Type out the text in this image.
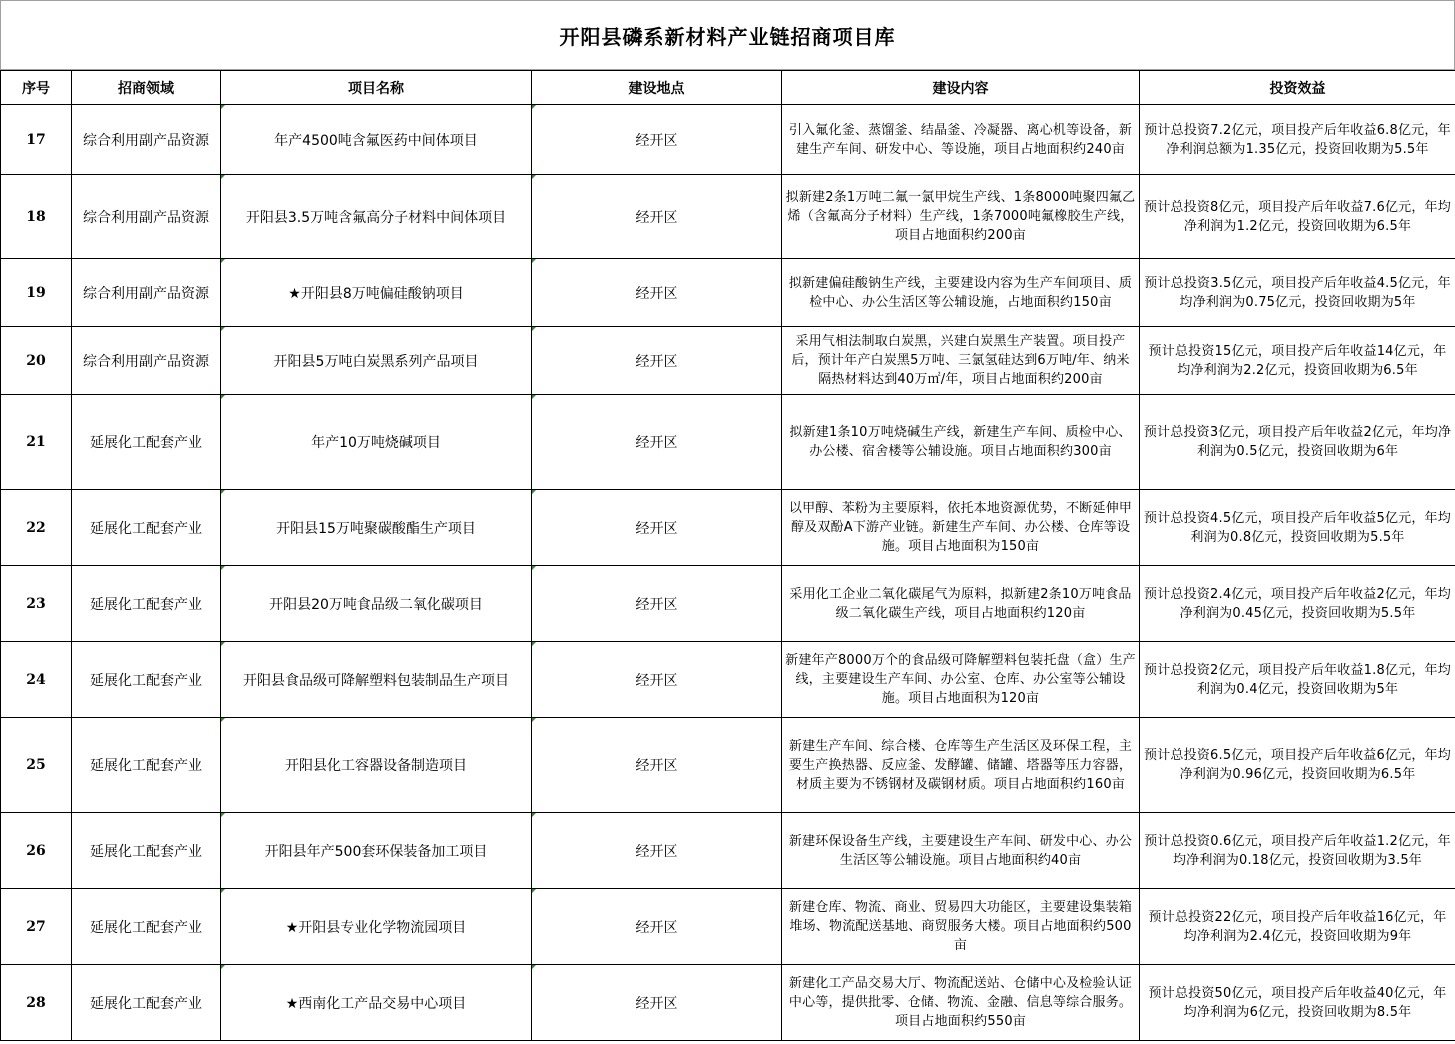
开阳县磷系新材料产业链招商项目库
序号	招商领域	项目名称	建设地点	建设内容	投资效益
17	综合利用副产品资源	年产4500吨含氟医药中间体项目	经开区	引入氟化釜、蒸馏釜、结晶釜、冷凝器、离心机等设备，新建生产车间、研发中心、等设施，项目占地面积约240亩	预计总投资7.2亿元，项目投产后年收益6.8亿元，年净利润总额为1.35亿元，投资回收期为5.5年
18	综合利用副产品资源	开阳县3.5万吨含氟高分子材料中间体项目	经开区	拟新建2条1万吨二氟一氯甲烷生产线、1条8000吨聚四氟乙烯（含氟高分子材料）生产线，1条7000吨氟橡胶生产线，项目占地面积约200亩	预计总投资8亿元，项目投产后年收益7.6亿元，年均净利润为1.2亿元，投资回收期为6.5年
19	综合利用副产品资源	★开阳县8万吨偏硅酸钠项目	经开区	拟新建偏硅酸钠生产线，主要建设内容为生产车间项目、质检中心、办公生活区等公辅设施，占地面积约150亩	预计总投资3.5亿元，项目投产后年收益4.5亿元，年均净利润为0.75亿元，投资回收期为5年
20	综合利用副产品资源	开阳县5万吨白炭黑系列产品项目	经开区	采用气相法制取白炭黑，兴建白炭黑生产装置。项目投产后，预计年产白炭黑5万吨、三氯氢硅达到6万吨/年、纳米隔热材料达到40万㎡/年，项目占地面积约200亩	预计总投资15亿元，项目投产后年收益14亿元，年均净利润为2.2亿元，投资回收期为6.5年
21	延展化工配套产业	年产10万吨烧碱项目	经开区	拟新建1条10万吨烧碱生产线，新建生产车间、质检中心、办公楼、宿舍楼等公辅设施。项目占地面积约300亩	预计总投资3亿元，项目投产后年收益2亿元，年均净利润为0.5亿元，投资回收期为6年
22	延展化工配套产业	开阳县15万吨聚碳酸酯生产项目	经开区	以甲醇、苯粉为主要原料，依托本地资源优势，不断延伸甲醇及双酚A下游产业链。新建生产车间、办公楼、仓库等设施。项目占地面积为150亩	预计总投资4.5亿元，项目投产后年收益5亿元，年均利润为0.8亿元，投资回收期为5.5年
23	延展化工配套产业	开阳县20万吨食品级二氧化碳项目	经开区	采用化工企业二氧化碳尾气为原料，拟新建2条10万吨食品级二氧化碳生产线，项目占地面积约120亩	预计总投资2.4亿元，项目投产后年收益2亿元，年均净利润为0.45亿元，投资回收期为5.5年
24	延展化工配套产业	开阳县食品级可降解塑料包装制品生产项目	经开区	新建年产8000万个的食品级可降解塑料包装托盘（盒）生产线，主要建设生产车间、办公室、仓库、办公室等公辅设施。项目占地面积为120亩	预计总投资2亿元，项目投产后年收益1.8亿元，年均利润为0.4亿元，投资回收期为5年
25	延展化工配套产业	开阳县化工容器设备制造项目	经开区	新建生产车间、综合楼、仓库等生产生活区及环保工程，主要生产换热器、反应釜、发酵罐、储罐、塔器等压力容器，材质主要为不锈钢材及碳钢材质。项目占地面积约160亩	预计总投资6.5亿元，项目投产后年收益6亿元，年均净利润为0.96亿元，投资回收期为6.5年
26	延展化工配套产业	开阳县年产500套环保装备加工项目	经开区	新建环保设备生产线，主要建设生产车间、研发中心、办公生活区等公辅设施。项目占地面积约40亩	预计总投资0.6亿元，项目投产后年收益1.2亿元，年均净利润为0.18亿元，投资回收期为3.5年
27	延展化工配套产业	★开阳县专业化学物流园项目	经开区	新建仓库、物流、商业、贸易四大功能区，主要建设集装箱堆场、物流配送基地、商贸服务大楼。项目占地面积约500亩	预计总投资22亿元，项目投产后年收益16亿元，年均净利润为2.4亿元，投资回收期为9年
28	延展化工配套产业	★西南化工产品交易中心项目	经开区	新建化工产品交易大厅、物流配送站、仓储中心及检验认证中心等，提供批零、仓储、物流、金融、信息等综合服务。项目占地面积约550亩	预计总投资50亿元，项目投产后年收益40亿元，年均净利润为6亿元，投资回收期为8.5年
